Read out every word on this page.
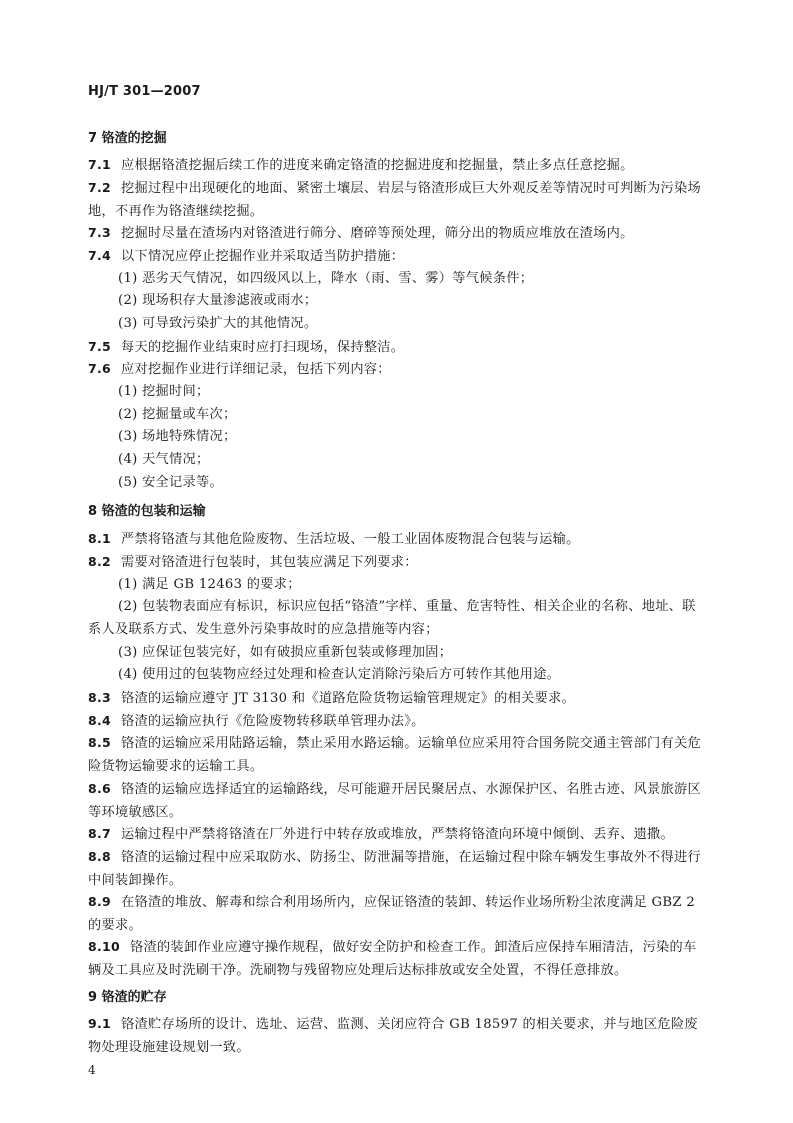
HJ/T 301—2007
7 铬渣的挖掘
7.1 应根据铬渣挖掘后续工作的进度来确定铬渣的挖掘进度和挖掘量，禁止多点任意挖掘。
7.2 挖掘过程中出现硬化的地面、紧密土壤层、岩层与铬渣形成巨大外观反差等情况时可判断为污染场地，不再作为铬渣继续挖掘。
7.3 挖掘时尽量在渣场内对铬渣进行筛分、磨碎等预处理，筛分出的物质应堆放在渣场内。
7.4 以下情况应停止挖掘作业并采取适当防护措施：
(1) 恶劣天气情况，如四级风以上，降水（雨、雪、雾）等气候条件；
(2) 现场积存大量渗滤液或雨水；
(3) 可导致污染扩大的其他情况。
7.5 每天的挖掘作业结束时应打扫现场，保持整洁。
7.6 应对挖掘作业进行详细记录，包括下列内容：
(1) 挖掘时间；
(2) 挖掘量或车次；
(3) 场地特殊情况；
(4) 天气情况；
(5) 安全记录等。
8 铬渣的包装和运输
8.1 严禁将铬渣与其他危险废物、生活垃圾、一般工业固体废物混合包装与运输。
8.2 需要对铬渣进行包装时，其包装应满足下列要求：
(1) 满足 GB 12463 的要求；
(2) 包装物表面应有标识，标识应包括“铬渣”字样、重量、危害特性、相关企业的名称、地址、联系人及联系方式、发生意外污染事故时的应急措施等内容；
(3) 应保证包装完好，如有破损应重新包装或修理加固；
(4) 使用过的包装物应经过处理和检查认定消除污染后方可转作其他用途。
8.3 铬渣的运输应遵守 JT 3130 和《道路危险货物运输管理规定》的相关要求。
8.4 铬渣的运输应执行《危险废物转移联单管理办法》。
8.5 铬渣的运输应采用陆路运输，禁止采用水路运输。运输单位应采用符合国务院交通主管部门有关危险货物运输要求的运输工具。
8.6 铬渣的运输应选择适宜的运输路线，尽可能避开居民聚居点、水源保护区、名胜古迹、风景旅游区等环境敏感区。
8.7 运输过程中严禁将铬渣在厂外进行中转存放或堆放，严禁将铬渣向环境中倾倒、丢弃、遗撒。
8.8 铬渣的运输过程中应采取防水、防扬尘、防泄漏等措施，在运输过程中除车辆发生事故外不得进行中间装卸操作。
8.9 在铬渣的堆放、解毒和综合利用场所内，应保证铬渣的装卸、转运作业场所粉尘浓度满足 GBZ 2 的要求。
8.10 铬渣的装卸作业应遵守操作规程，做好安全防护和检查工作。卸渣后应保持车厢清洁，污染的车辆及工具应及时洗刷干净。洗刷物与残留物应处理后达标排放或安全处置，不得任意排放。
9 铬渣的贮存
9.1 铬渣贮存场所的设计、选址、运营、监测、关闭应符合 GB 18597 的相关要求，并与地区危险废物处理设施建设规划一致。
4
